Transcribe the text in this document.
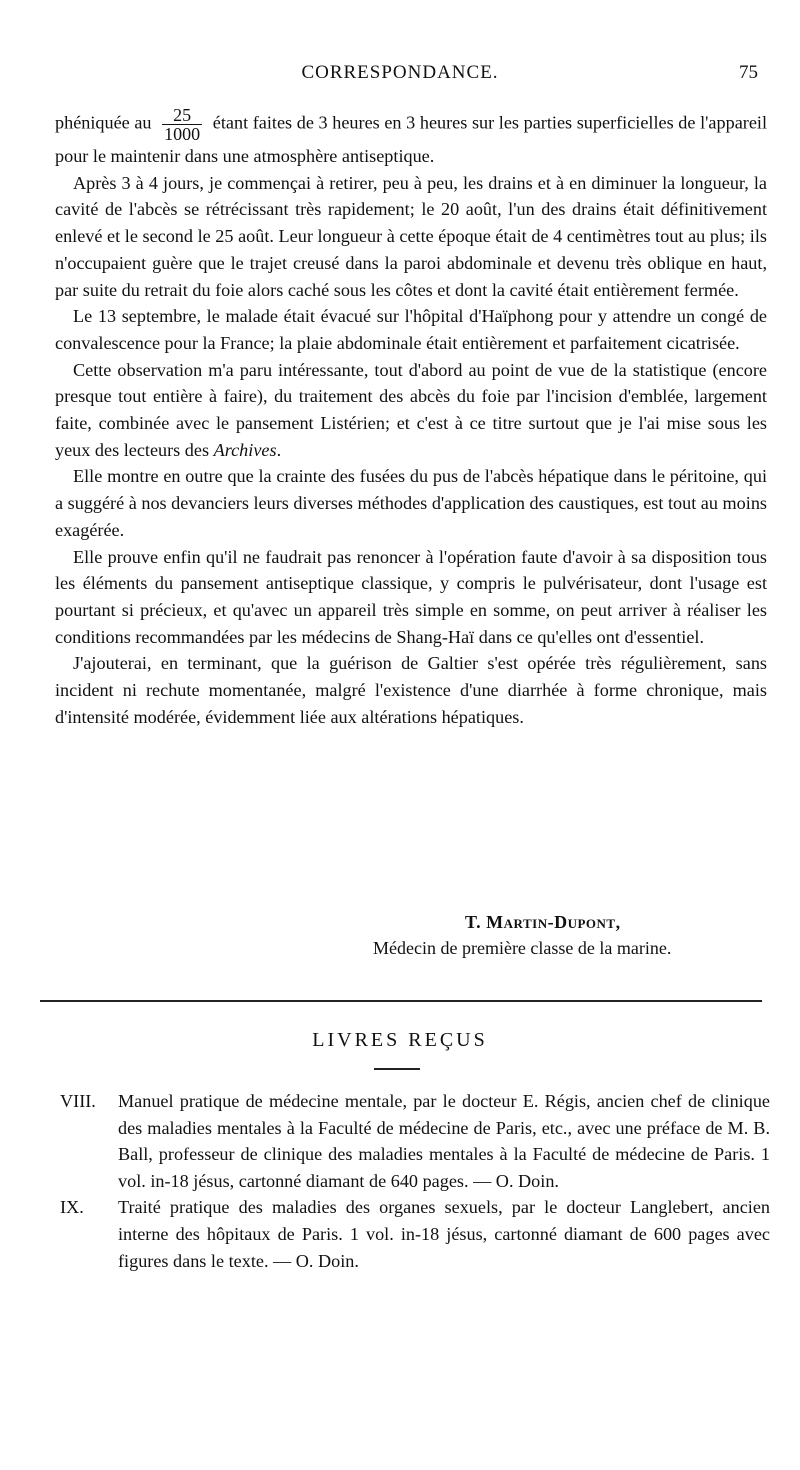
CORRESPONDANCE.	75

phéniquée au $\frac{25}{1000}$ étant faites de 3 heures en 3 heures sur les parties superficielles de l'appareil pour le maintenir dans une atmosphère antiseptique.

Après 3 à 4 jours, je commençai à retirer, peu à peu, les drains et à en diminuer la longueur, la cavité de l'abcès se rétrécissant très rapidement; le 20 août, l'un des drains était définitivement enlevé et le second le 25 août. Leur longueur à cette époque était de 4 centimètres tout au plus; ils n'occupaient guère que le trajet creusé dans la paroi abdominale et devenu très oblique en haut, par suite du retrait du foie alors caché sous les côtes et dont la cavité était entièrement fermée.

Le 13 septembre, le malade était évacué sur l'hôpital d'Haïphong pour y attendre un congé de convalescence pour la France; la plaie abdominale était entièrement et parfaitement cicatrisée.

Cette observation m'a paru intéressante, tout d'abord au point de vue de la statistique (encore presque tout entière à faire), du traitement des abcès du foie par l'incision d'emblée, largement faite, combinée avec le pansement Listérien; et c'est à ce titre surtout que je l'ai mise sous les yeux des lecteurs des Archives.

Elle montre en outre que la crainte des fusées du pus de l'abcès hépatique dans le péritoine, qui a suggéré à nos devanciers leurs diverses méthodes d'application des caustiques, est tout au moins exagérée.

Elle prouve enfin qu'il ne faudrait pas renoncer à l'opération faute d'avoir à sa disposition tous les éléments du pansement antiseptique classique, y compris le pulvérisateur, dont l'usage est pourtant si précieux, et qu'avec un appareil très simple en somme, on peut arriver à réaliser les conditions recommandées par les médecins de Shang-Haï dans ce qu'elles ont d'essentiel.

J'ajouterai, en terminant, que la guérison de Galtier s'est opérée très régulièrement, sans incident ni rechute momentanée, malgré l'existence d'une diarrhée à forme chronique, mais d'intensité modérée, évidemment liée aux altérations hépatiques.

T. Martin-Dupont,
Médecin de première classe de la marine.
LIVRES REÇUS
VIII.	Manuel pratique de médecine mentale, par le docteur E. Régis, ancien chef de clinique des maladies mentales à la Faculté de médecine de Paris, etc., avec une préface de M. B. Ball, professeur de clinique des maladies mentales à la Faculté de médecine de Paris. 1 vol. in-18 jésus, cartonné diamant de 640 pages. — O. Doin.
IX.	Traité pratique des maladies des organes sexuels, par le docteur Langlebert, ancien interne des hôpitaux de Paris. 1 vol. in-18 jésus, cartonné diamant de 600 pages avec figures dans le texte. — O. Doin.
